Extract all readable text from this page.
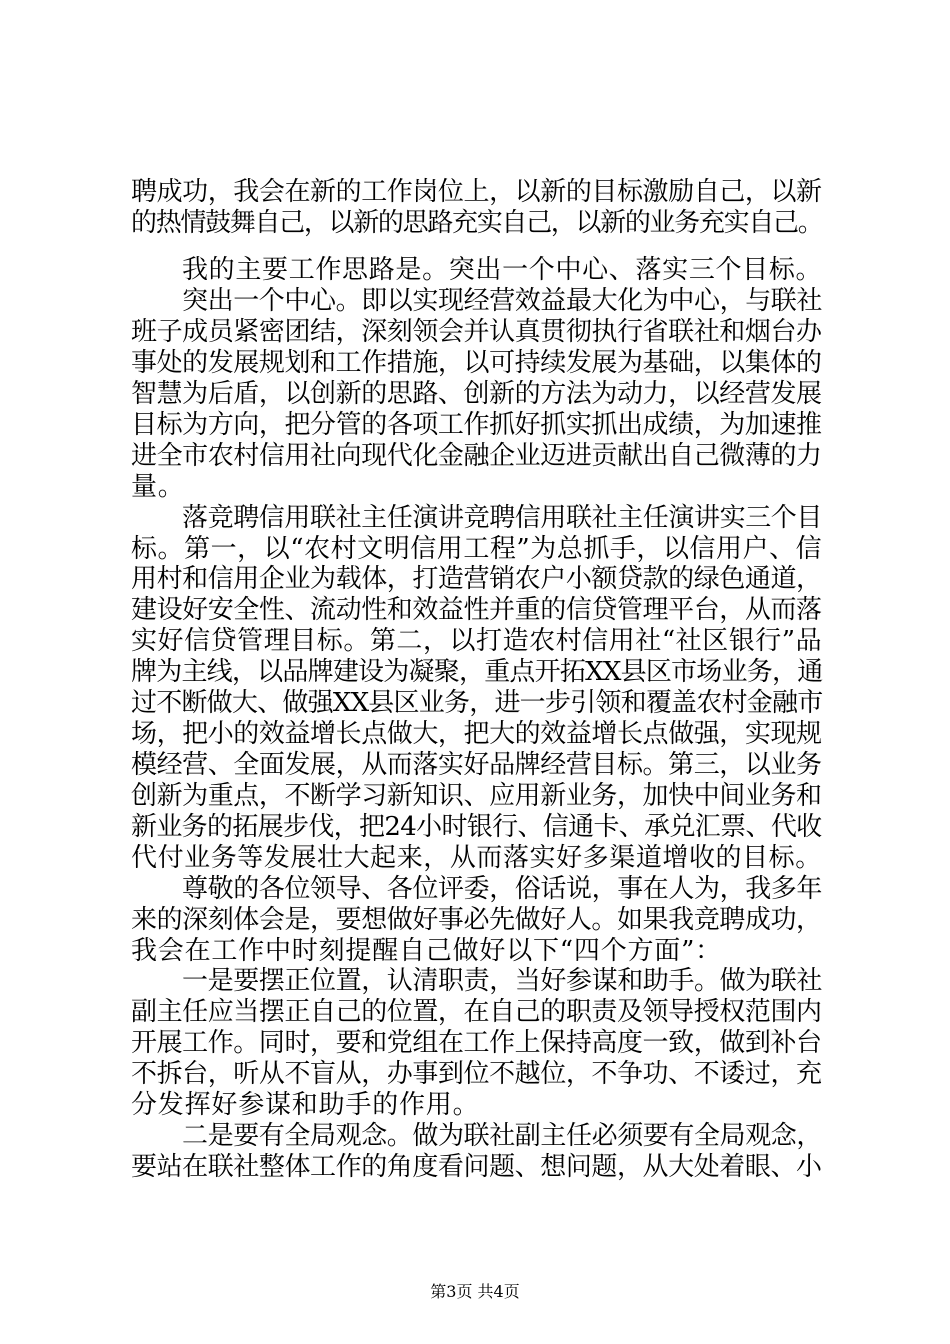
聘成功，我会在新的工作岗位上，以新的目标激励自己，以新
的热情鼓舞自己，以新的思路充实自己，以新的业务充实自己。
我的主要工作思路是。突出一个中心、落实三个目标。
突出一个中心。即以实现经营效益最大化为中心，与联社
班子成员紧密团结，深刻领会并认真贯彻执行省联社和烟台办
事处的发展规划和工作措施，以可持续发展为基础，以集体的
智慧为后盾，以创新的思路、创新的方法为动力，以经营发展
目标为方向，把分管的各项工作抓好抓实抓出成绩，为加速推
进全市农村信用社向现代化金融企业迈进贡献出自己微薄的力
量。
落竞聘信用联社主任演讲竞聘信用联社主任演讲实三个目
标。第一，以“农村文明信用工程”为总抓手，以信用户、信
用村和信用企业为载体，打造营销农户小额贷款的绿色通道，
建设好安全性、流动性和效益性并重的信贷管理平台，从而落
实好信贷管理目标。第二，以打造农村信用社“社区银行”品
牌为主线，以品牌建设为凝聚，重点开拓XX县区市场业务，通
过不断做大、做强XX县区业务，进一步引领和覆盖农村金融市
场，把小的效益增长点做大，把大的效益增长点做强，实现规
模经营、全面发展，从而落实好品牌经营目标。第三，以业务
创新为重点，不断学习新知识、应用新业务，加快中间业务和
新业务的拓展步伐，把24小时银行、信通卡、承兑汇票、代收
代付业务等发展壮大起来，从而落实好多渠道增收的目标。
尊敬的各位领导、各位评委，俗话说，事在人为，我多年
来的深刻体会是，要想做好事必先做好人。如果我竞聘成功，
我会在工作中时刻提醒自己做好以下“四个方面”：
一是要摆正位置，认清职责，当好参谋和助手。做为联社
副主任应当摆正自己的位置，在自己的职责及领导授权范围内
开展工作。同时，要和党组在工作上保持高度一致，做到补台
不拆台，听从不盲从，办事到位不越位，不争功、不诿过，充
分发挥好参谋和助手的作用。
二是要有全局观念。做为联社副主任必须要有全局观念，
要站在联社整体工作的角度看问题、想问题，从大处着眼、小
第3页 共4页
